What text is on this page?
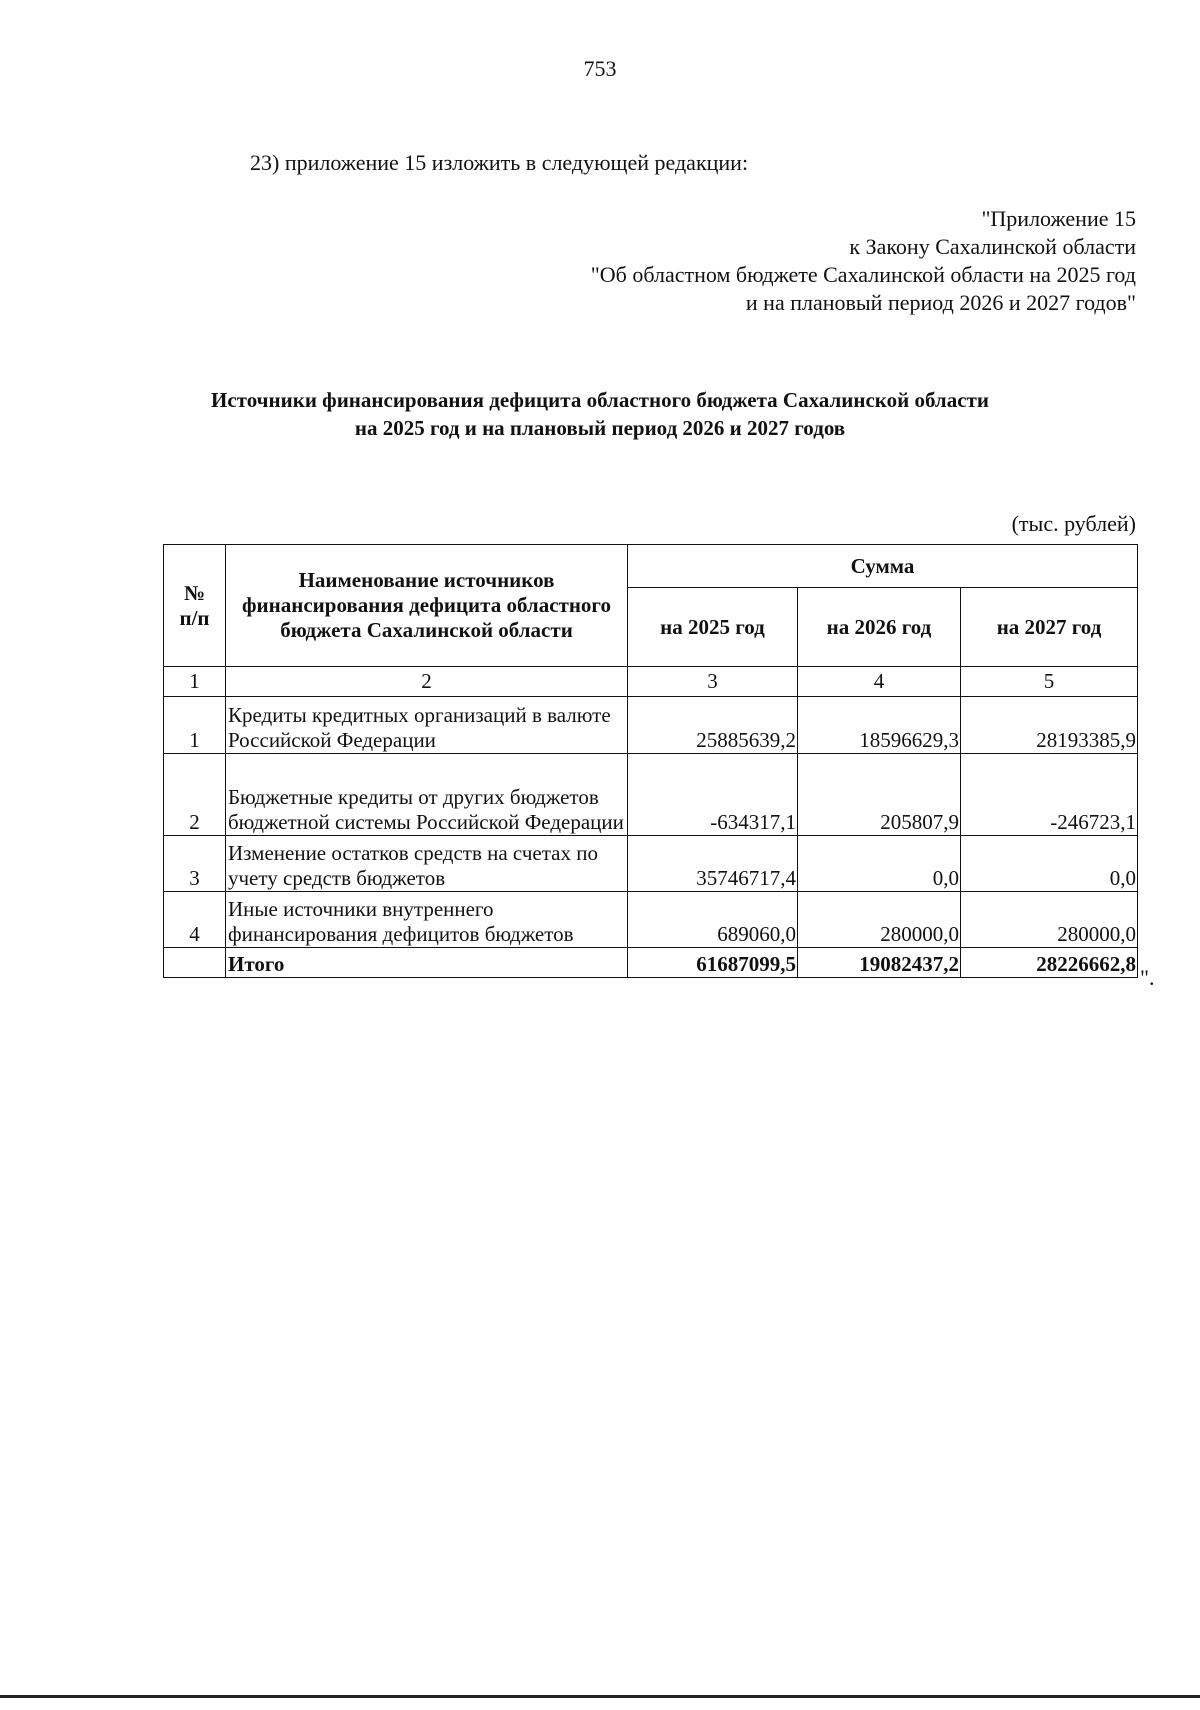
753
23) приложение 15 изложить в следующей редакции:
"Приложение 15
к Закону Сахалинской области
"Об областном бюджете Сахалинской области на 2025 год
и на плановый период 2026 и 2027 годов"
Источники финансирования дефицита областного бюджета Сахалинской области
на 2025 год и на плановый период 2026 и 2027 годов
(тыс. рублей)
№
п/п	Наименование источников финансирования дефицита областного бюджета Сахалинской области	Сумма		
		на 2025 год	на 2026 год	на 2027 год
1	2	3	4	5
1	Кредиты кредитных организаций в валюте Российской Федерации	25885639,2	18596629,3	28193385,9
2	Бюджетные кредиты от других бюджетов бюджетной системы Российской Федерации	-634317,1	205807,9	-246723,1
3	Изменение остатков средств на счетах по учету средств бюджетов	35746717,4	0,0	0,0
4	Иные источники внутреннего финансирования дефицитов бюджетов	689060,0	280000,0	280000,0
	Итого	61687099,5	19082437,2	28226662,8
".
